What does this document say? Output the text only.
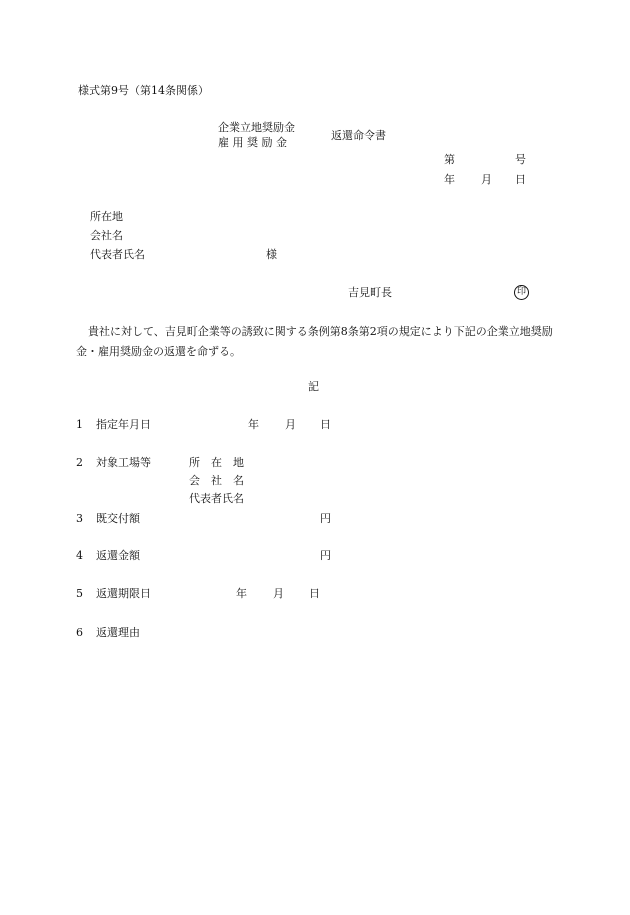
様式第9号（第14条関係）
企業立地奨励金
雇 用 奨 励 金
返還命令書
第	号
年 月 日
所在地
会社名
代表者氏名	様
吉見町長	印
貴社に対して、吉見町企業等の誘致に関する条例第8条第2項の規定により下記の企業立地奨励金・雇用奨励金の返還を命ずる。
記
1 指定年月日	年 月 日
2 対象工場等	所　在　地
会　社　名
代表者氏名
3 既交付額	円
4 返還金額	円
5 返還期限日	年 月 日
6 返還理由
